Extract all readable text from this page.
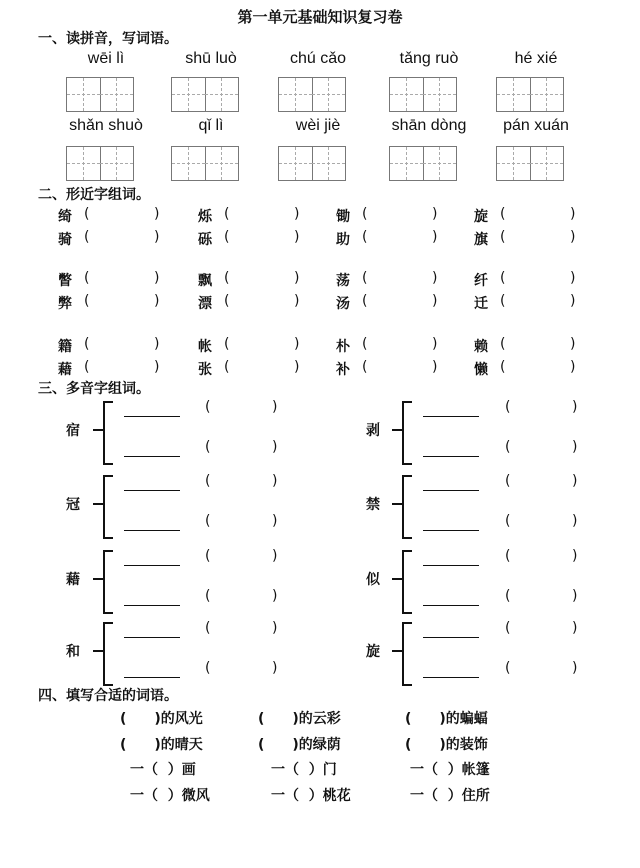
第一单元基础知识复习卷
一、读拼音，写词语。
wēi lì	shū luò	chú cǎo	tǎng ruò	hé xié
shǎn shuò	qǐ lì	wèi jiè	shān dòng	pán xuán
二、形近字组词。
绮 (	)	烁 (	)	锄 (	)	旋 (	)
骑 (	)	砾 (	)	助 (	)	旗 (	)
瞥 (	)	飘 (	)	荡 (	)	纤 (	)
弊 (	)	漂 (	)	汤 (	)	迁 (	)
籍 (	)	帐 (	)	朴 (	)	赖 (	)
藉 (	)	张 (	)	补 (	)	懒 (	)
三、多音字组词。
宿
(	)
(	)
剥
(	)
(	)
冠
(	)
(	)
禁
(	)
(	)
藉
(	)
(	)
似
(	)
(	)
和
(	)
(	)
旋
(	)
(	)
四、填写合适的词语。
(　　)的风光	(　　)的云彩	(　　)的蝙蝠
(　　)的晴天	(　　)的绿荫	(　　)的装饰
一（  ）画	一（  ）门	一（  ）帐篷
一（  ）微风	一（  ）桃花	一（  ）住所
